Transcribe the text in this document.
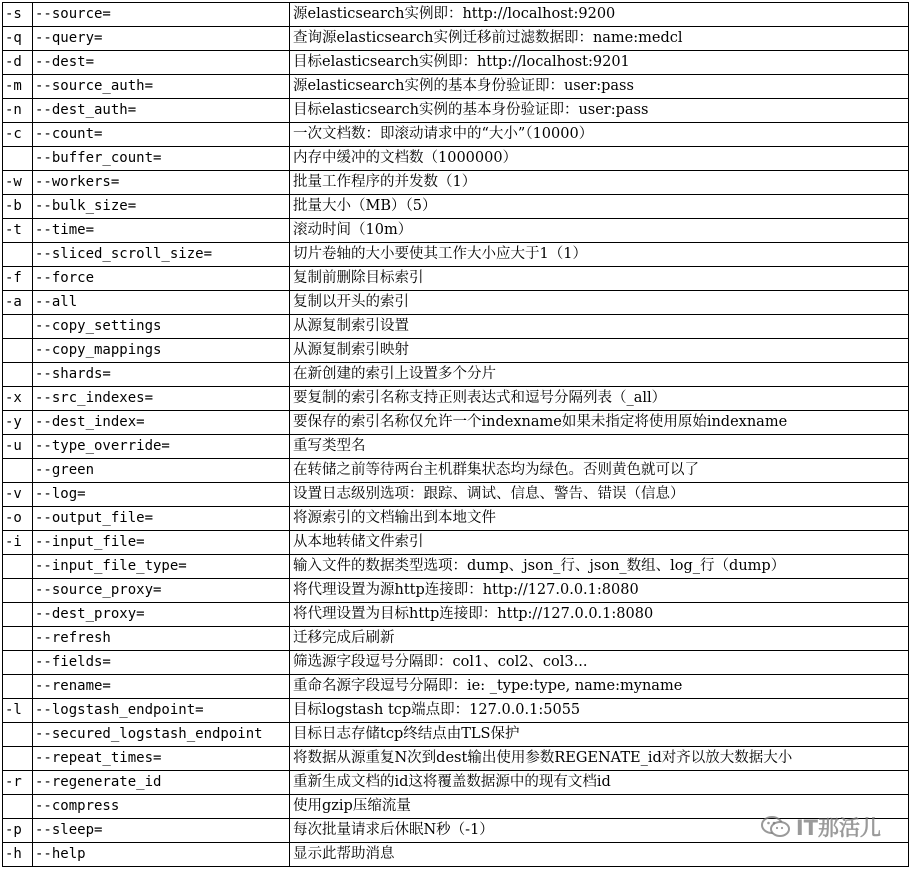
-s	--source=	源elasticsearch实例即：http://localhost:9200
-q	--query=	查询源elasticsearch实例迁移前过滤数据即：name:medcl
-d	--dest=	目标elasticsearch实例即：http://localhost:9201
-m	--source_auth=	源elasticsearch实例的基本身份验证即：user:pass
-n	--dest_auth=	目标elasticsearch实例的基本身份验证即：user:pass
-c	--count=	一次文档数：即滚动请求中的“大小”（10000）
	--buffer_count=	内存中缓冲的文档数（1000000）
-w	--workers=	批量工作程序的并发数（1）
-b	--bulk_size=	批量大小（MB）（5）
-t	--time=	滚动时间（10m）
	--sliced_scroll_size=	切片卷轴的大小要使其工作大小应大于1（1）
-f	--force	复制前删除目标索引
-a	--all	复制以开头的索引
	--copy_settings	从源复制索引设置
	--copy_mappings	从源复制索引映射
	--shards=	在新创建的索引上设置多个分片
-x	--src_indexes=	要复制的索引名称支持正则表达式和逗号分隔列表（_all）
-y	--dest_index=	要保存的索引名称仅允许一个indexname如果未指定将使用原始indexname
-u	--type_override=	重写类型名
	--green	在转储之前等待两台主机群集状态均为绿色。否则黄色就可以了
-v	--log=	设置日志级别选项：跟踪、调试、信息、警告、错误（信息）
-o	--output_file=	将源索引的文档输出到本地文件
-i	--input_file=	从本地转储文件索引
	--input_file_type=	输入文件的数据类型选项：dump、json_行、json_数组、log_行（dump）
	--source_proxy=	将代理设置为源http连接即：http://127.0.0.1:8080
	--dest_proxy=	将代理设置为目标http连接即：http://127.0.0.1:8080
	--refresh	迁移完成后刷新
	--fields=	筛选源字段逗号分隔即：col1、col2、col3...
	--rename=	重命名源字段逗号分隔即：ie: _type:type, name:myname
-l	--logstash_endpoint=	目标logstash tcp端点即：127.0.0.1:5055
	--secured_logstash_endpoint	目标日志存储tcp终结点由TLS保护
	--repeat_times=	将数据从源重复N次到dest输出使用参数REGENATE_id对齐以放大数据大小
-r	--regenerate_id	重新生成文档的id这将覆盖数据源中的现有文档id
	--compress	使用gzip压缩流量
-p	--sleep=	每次批量请求后休眠N秒（-1）
-h	--help	显示此帮助消息
IT那活儿
